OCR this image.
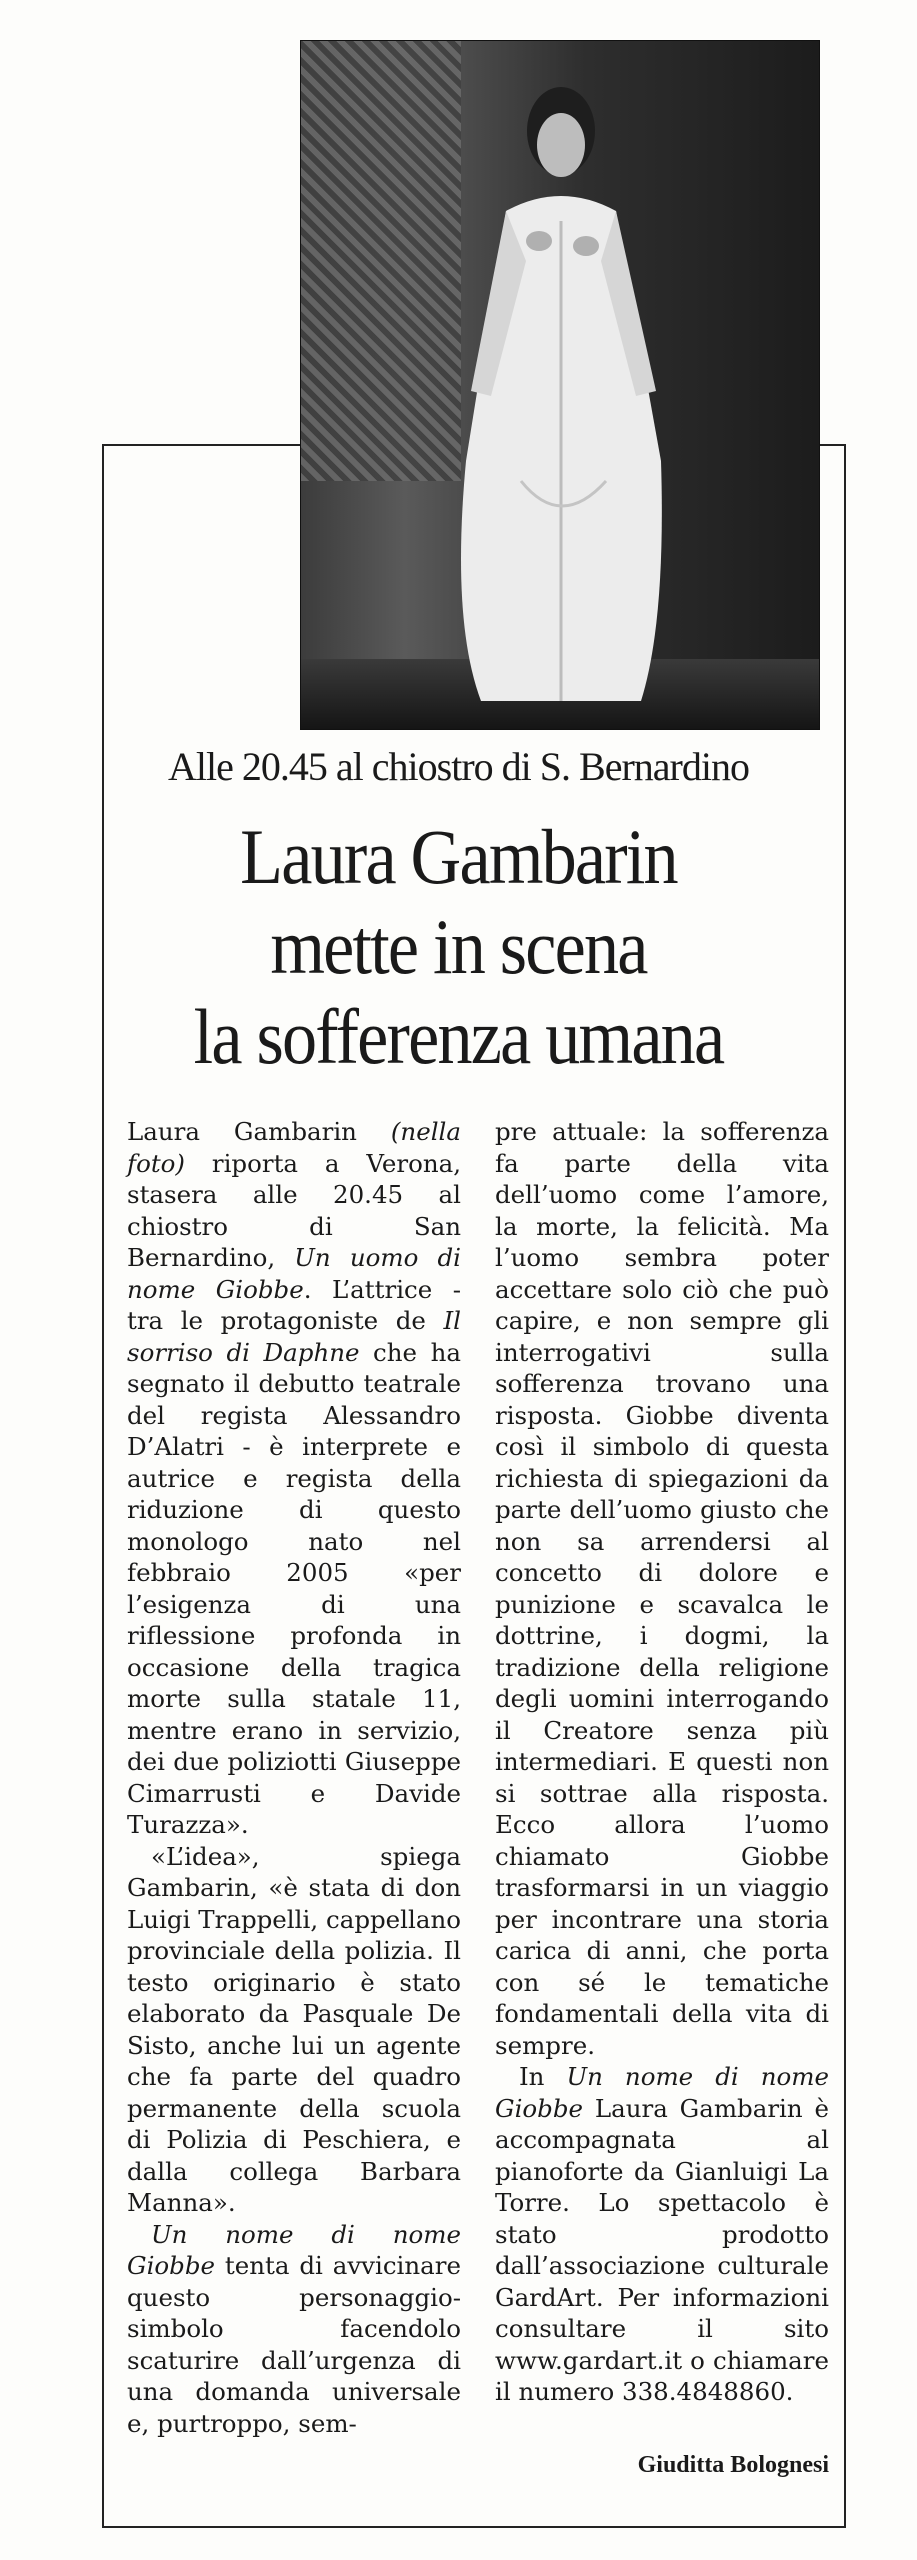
Alle 20.45 al chiostro di S. Bernardino
Laura Gambarin
mette in scena
la sofferenza umana

Laura Gambarin (nella foto) riporta a Verona, stasera alle 20.45 al chiostro di San Bernardino, Un uomo di nome Giobbe. L’attrice - tra le protagoniste de Il sorriso di Daphne che ha segnato il debutto teatrale del regista Alessandro D’Alatri - è interprete e autrice e regista della riduzione di questo monologo nato nel febbraio 2005 «per l’esigenza di una riflessione profonda in occasione della tragica morte sulla statale 11, mentre erano in servizio, dei due poliziotti Giuseppe Cimarrusti e Davide Turazza».

«L’idea», spiega Gambarin, «è stata di don Luigi Trappelli, cappellano provinciale della polizia. Il testo originario è stato elaborato da Pasquale De Sisto, anche lui un agente che fa parte del quadro permanente della scuola di Polizia di Peschiera, e dalla collega Barbara Manna».

Un nome di nome Giobbe tenta di avvicinare questo personaggio-simbolo facendolo scaturire dall’urgenza di una domanda universale e, purtroppo, sem-

pre attuale: la sofferenza fa parte della vita dell’uomo come l’amore, la morte, la felicità. Ma l’uomo sembra poter accettare solo ciò che può capire, e non sempre gli interrogativi sulla sofferenza trovano una risposta. Giobbe diventa così il simbolo di questa richiesta di spiegazioni da parte dell’uomo giusto che non sa arrendersi al concetto di dolore e punizione e scavalca le dottrine, i dogmi, la tradizione della religione degli uomini interrogando il Creatore senza più intermediari. E questi non si sottrae alla risposta. Ecco allora l’uomo chiamato Giobbe trasformarsi in un viaggio per incontrare una storia carica di anni, che porta con sé le tematiche fondamentali della vita di sempre.

In Un nome di nome Giobbe Laura Gambarin è accompagnata al pianoforte da Gianluigi La Torre. Lo spettacolo è stato prodotto dall’associazione culturale GardArt. Per informazioni consultare il sito www.gardart.it o chiamare il numero 338.4848860.

Giuditta Bolognesi
